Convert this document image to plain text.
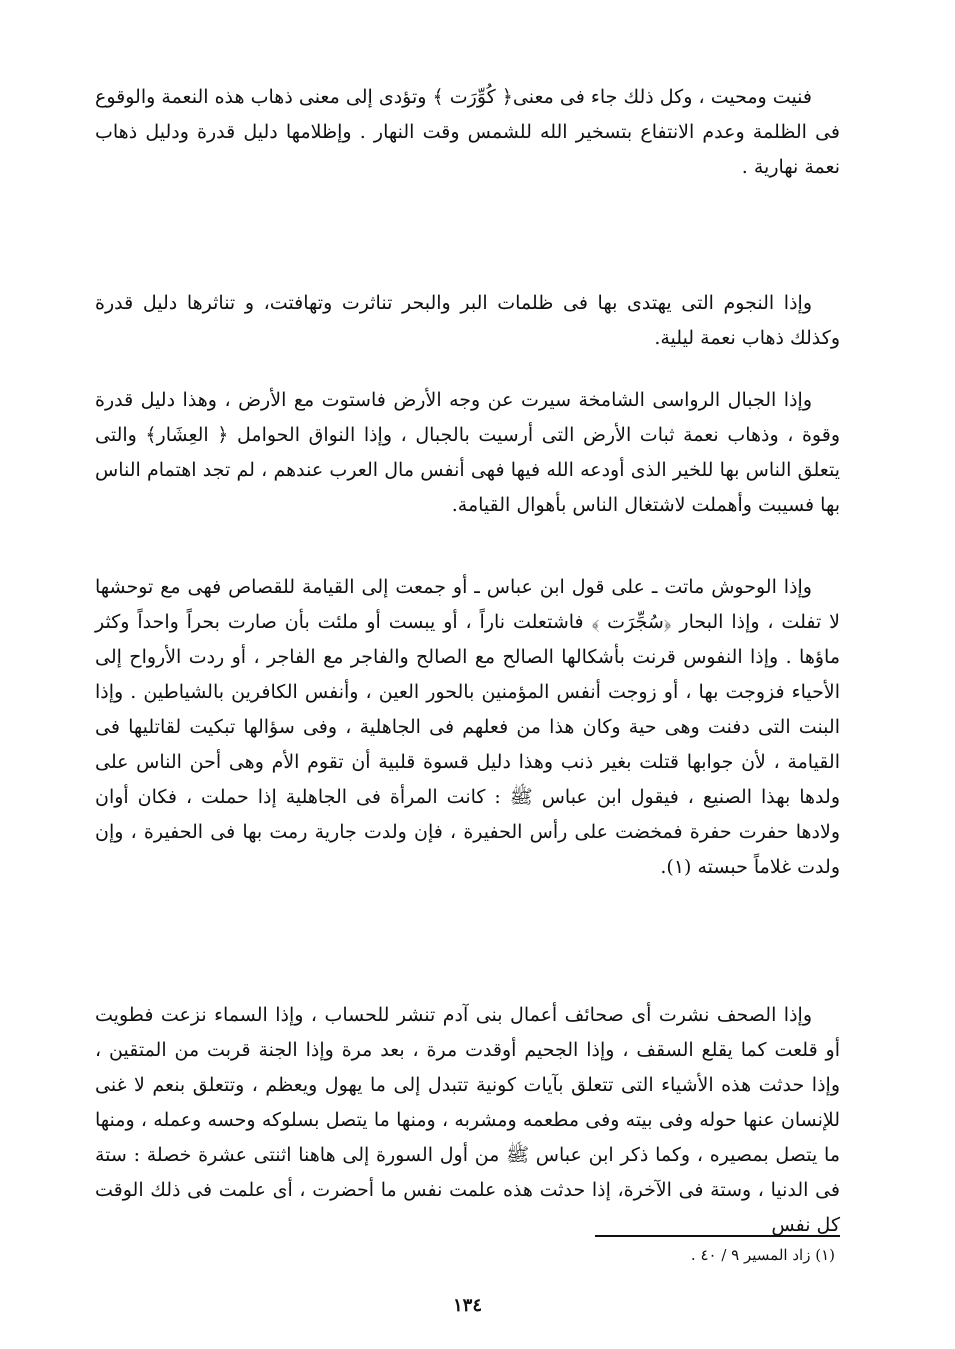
فنيت ومحيت ، وكل ذلك جاء فى معنى﴿ كُوِّرَت ﴾ وتؤدى إلى معنى ذهاب هذه النعمة والوقوع فى الظلمة وعدم الانتفاع بتسخير الله للشمس وقت النهار . وإظلامها دليل قدرة ودليل ذهاب نعمة نهارية .

وإذا النجوم التى يهتدى بها فى ظلمات البر والبحر تناثرت وتهافتت، و تناثرها دليل قدرة وكذلك ذهاب نعمة ليلية.

وإذا الجبال الرواسى الشامخة سيرت عن وجه الأرض فاستوت مع الأرض ، وهذا دليل قدرة وقوة ، وذهاب نعمة ثبات الأرض التى أرسيت بالجبال ، وإذا النواق الحوامل ﴿ العِشَار﴾ والتى يتعلق الناس بها للخير الذى أودعه الله فيها فهى أنفس مال العرب عندهم ، لم تجد اهتمام الناس بها فسيبت وأهملت لاشتغال الناس بأهوال القيامة.

وإذا الوحوش ماتت ـ على قول ابن عباس ـ أو جمعت إلى القيامة للقصاص فهى مع توحشها لا تفلت ، وإذا البحار ﴿سُجِّرَت ﴾ فاشتعلت ناراً ، أو يبست أو ملئت بأن صارت بحراً واحداً وكثر ماؤها . وإذا النفوس قرنت بأشكالها الصالح مع الصالح والفاجر مع الفاجر ، أو ردت الأرواح إلى الأحياء فزوجت بها ، أو زوجت أنفس المؤمنين بالحور العين ، وأنفس الكافرين بالشياطين . وإذا البنت التى دفنت وهى حية وكان هذا من فعلهم فى الجاهلية ، وفى سؤالها تبكيت لقاتليها فى القيامة ، لأن جوابها قتلت بغير ذنب وهذا دليل قسوة قلبية أن تقوم الأم وهى أحن الناس على ولدها بهذا الصنيع ، فيقول ابن عباس ﷺ : كانت المرأة فى الجاهلية إذا حملت ، فكان أوان ولادها حفرت حفرة فمخضت على رأس الحفيرة ، فإن ولدت جارية رمت بها فى الحفيرة ، وإن ولدت غلاماً حبسته (١).

وإذا الصحف نشرت أى صحائف أعمال بنى آدم تنشر للحساب ، وإذا السماء نزعت فطويت أو قلعت كما يقلع السقف ، وإذا الجحيم أوقدت مرة ، بعد مرة وإذا الجنة قربت من المتقين ، وإذا حدثت هذه الأشياء التى تتعلق بآيات كونية تتبدل إلى ما يهول ويعظم ، وتتعلق بنعم لا غنى للإنسان عنها حوله وفى بيته وفى مطعمه ومشربه ، ومنها ما يتصل بسلوكه وحسه وعمله ، ومنها ما يتصل بمصيره ، وكما ذكر ابن عباس ﷺ من أول السورة إلى هاهنا اثنتى عشرة خصلة : ستة فى الدنيا ، وستة فى الآخرة، إذا حدثت هذه علمت نفس ما أحضرت ، أى علمت فى ذلك الوقت كل نفس

(١) زاد المسير ٩ / ٤٠ .

١٣٤
